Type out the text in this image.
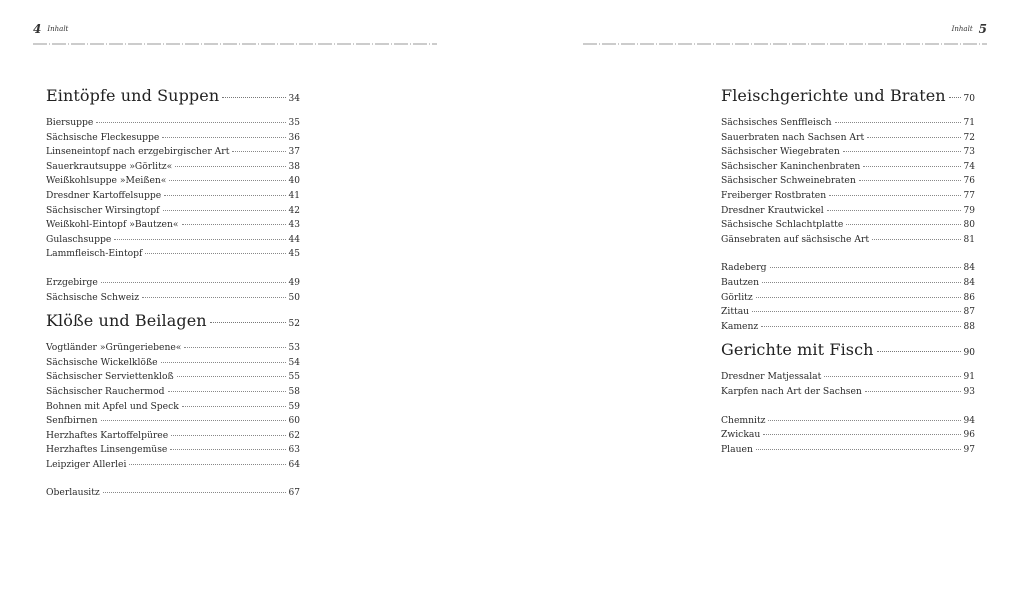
4 Inhalt
Eintöpfe und Suppen	34
Biersuppe	35
Sächsische Fleckesuppe	36
Linseneintopf nach erzgebirgischer Art	37
Sauerkrautsuppe »Görlitz«	38
Weißkohlsuppe »Meißen«	40
Dresdner Kartoffelsuppe	41
Sächsischer Wirsingtopf	42
Weißkohl-Eintopf »Bautzen«	43
Gulaschsuppe	44
Lammfleisch-Eintopf	45
Erzgebirge	49
Sächsische Schweiz	50
Klöße und Beilagen	52
Vogtländer »Grüngeriebene«	53
Sächsische Wickelklöße	54
Sächsischer Serviettenkloß	55
Sächsischer Rauchermod	58
Bohnen mit Apfel und Speck	59
Senfbirnen	60
Herzhaftes Kartoffelpüree	62
Herzhaftes Linsengemüse	63
Leipziger Allerlei	64
Oberlausitz	67
Inhalt 5
Fleischgerichte und Braten 70
Sächsisches Senffleisch	71
Sauerbraten nach Sachsen Art	72
Sächsischer Wiegebraten	73
Sächsischer Kaninchenbraten	74
Sächsischer Schweinebraten	76
Freiberger Rostbraten	77
Dresdner Krautwickel	79
Sächsische Schlachtplatte	80
Gänsebraten auf sächsische Art	81
Radeberg	84
Bautzen	84
Görlitz	86
Zittau	87
Kamenz	88
Gerichte mit Fisch	90
Dresdner Matjessalat	91
Karpfen nach Art der Sachsen	93
Chemnitz	94
Zwickau	96
Plauen	97
